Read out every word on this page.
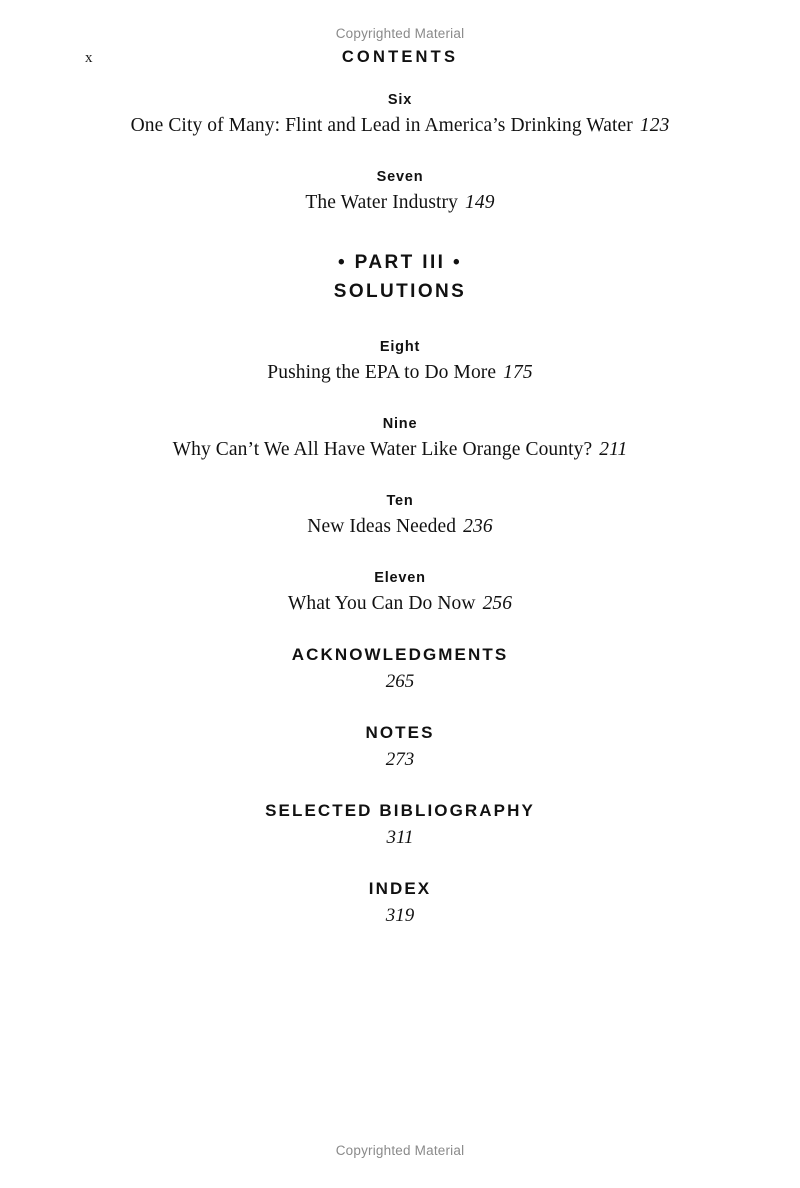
Copyrighted Material
x	CONTENTS
Six
One City of Many: Flint and Lead in America’s Drinking Water 123
Seven
The Water Industry 149
• PART III •
SOLUTIONS
Eight
Pushing the EPA to Do More 175
Nine
Why Can’t We All Have Water Like Orange County? 211
Ten
New Ideas Needed 236
Eleven
What You Can Do Now 256
ACKNOWLEDGMENTS
265
NOTES
273
SELECTED BIBLIOGRAPHY
311
INDEX
319
Copyrighted Material
